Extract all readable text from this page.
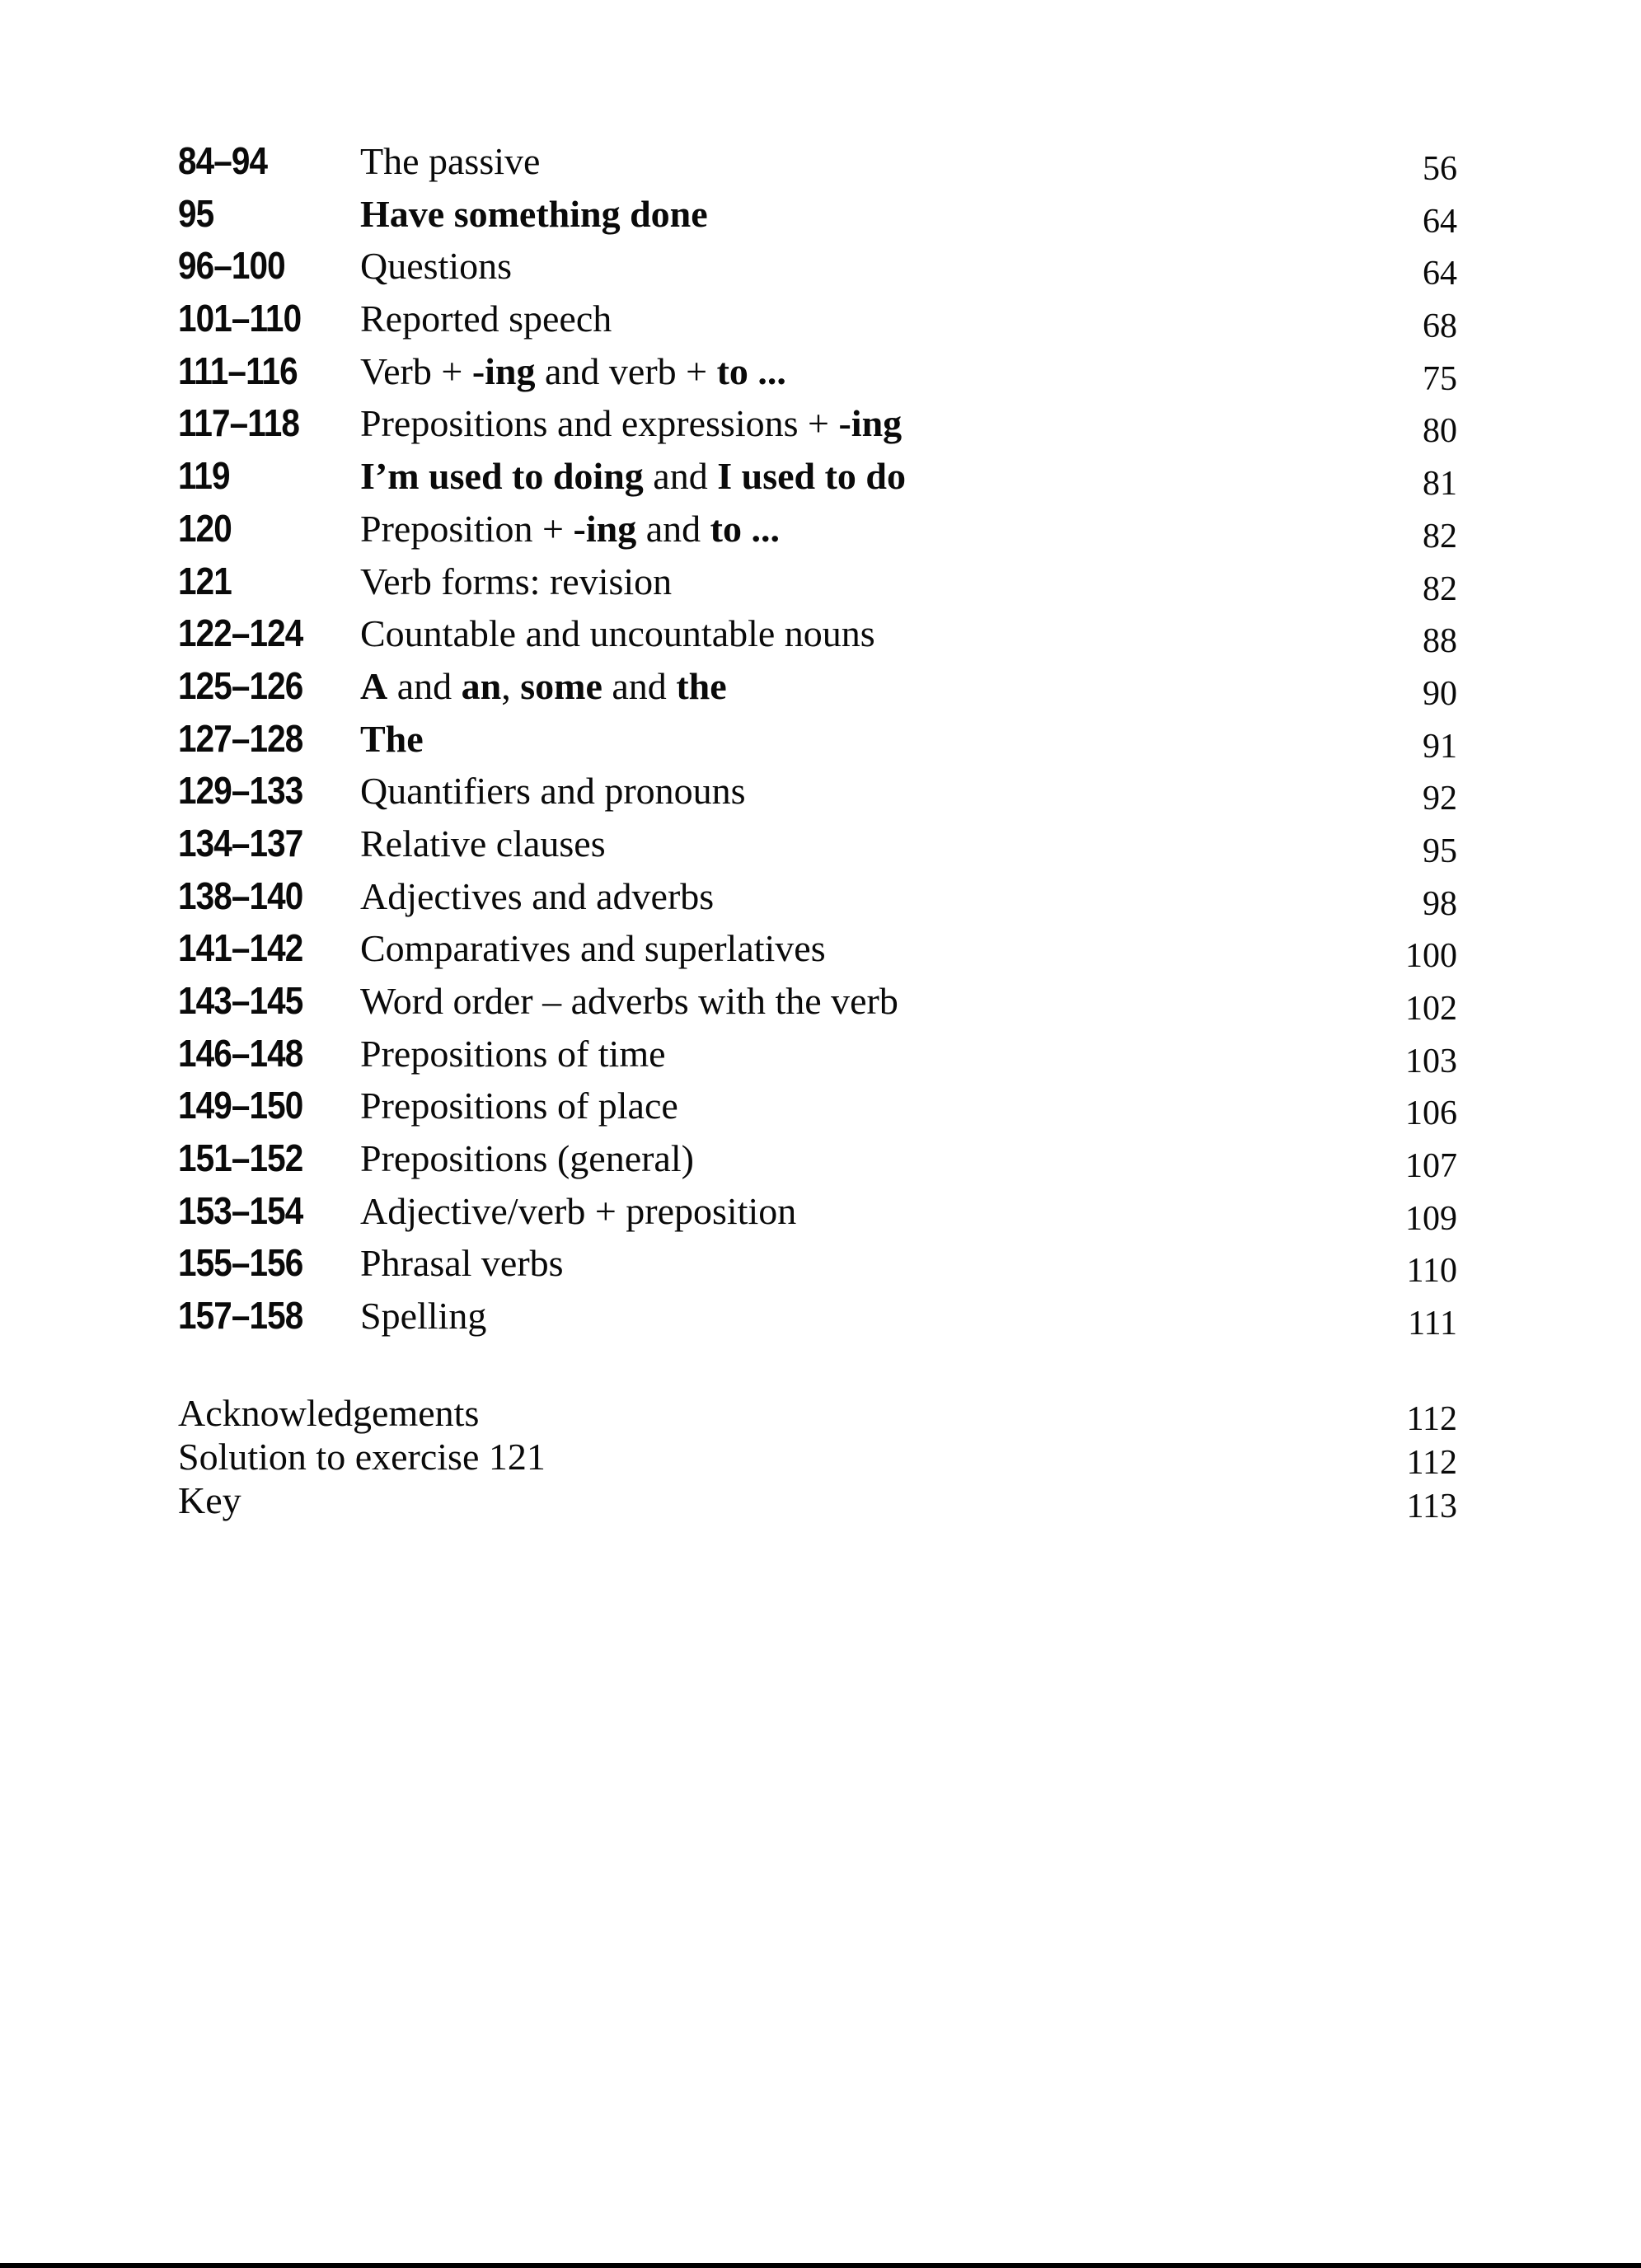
84–94	The passive	56
95	Have something done	64
96–100	Questions	64
101–110	Reported speech	68
111–116	Verb + -ing and verb + to ...	75
117–118	Prepositions and expressions + -ing	80
119	I’m used to doing and I used to do	81
120	Preposition + -ing and to ...	82
121	Verb forms: revision	82
122–124	Countable and uncountable nouns	88
125–126	A and an, some and the	90
127–128	The	91
129–133	Quantifiers and pronouns	92
134–137	Relative clauses	95
138–140	Adjectives and adverbs	98
141–142	Comparatives and superlatives	100
143–145	Word order – adverbs with the verb	102
146–148	Prepositions of time	103
149–150	Prepositions of place	106
151–152	Prepositions (general)	107
153–154	Adjective/verb + preposition	109
155–156	Phrasal verbs	110
157–158	Spelling	111
Acknowledgements	112
Solution to exercise 121	112
Key	113
